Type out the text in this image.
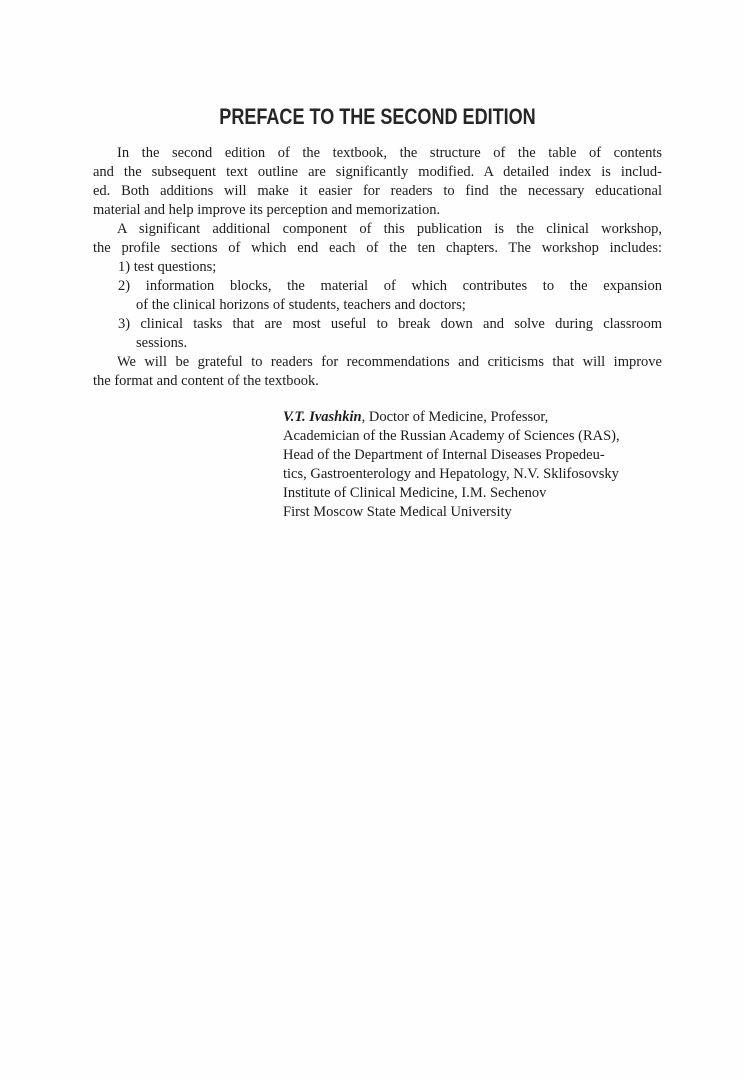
PREFACE TO THE SECOND EDITION
In the second edition of the textbook, the structure of the table of contents
and the subsequent text outline are significantly modified. A detailed index is includ-
ed. Both additions will make it easier for readers to find the necessary educational
material and help improve its perception and memorization.
A significant additional component of this publication is the clinical workshop,
the profile sections of which end each of the ten chapters. The workshop includes:
1) test questions;
2) information blocks, the material of which contributes to the expansion
of the clinical horizons of students, teachers and doctors;
3) clinical tasks that are most useful to break down and solve during classroom
sessions.
We will be grateful to readers for recommendations and criticisms that will improve
the format and content of the textbook.
V.T. Ivashkin, Doctor of Medicine, Professor,
Academician of the Russian Academy of Sciences (RAS),
Head of the Department of Internal Diseases Propedeu-
tics, Gastroenterology and Hepatology, N.V. Sklifosovsky
Institute of Clinical Medicine, I.M. Sechenov
First Moscow State Medical University
